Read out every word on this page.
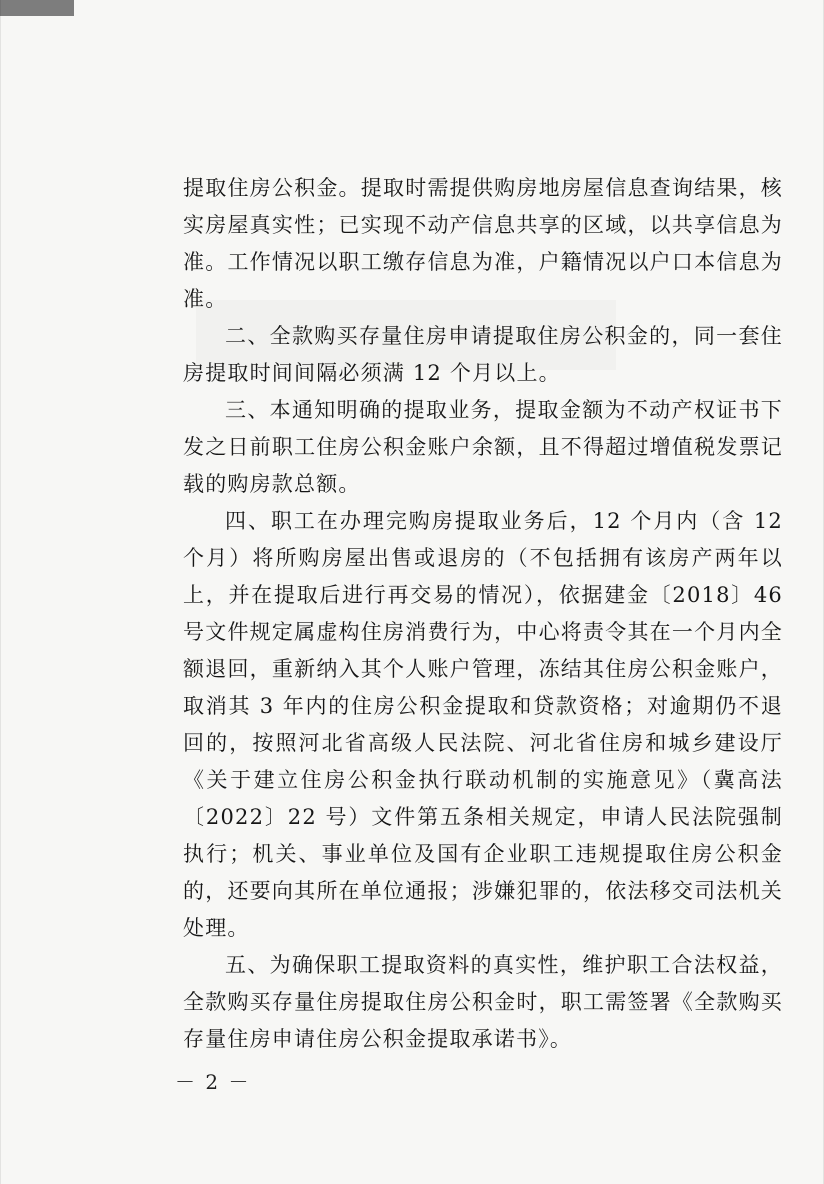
提取住房公积金。提取时需提供购房地房屋信息查询结果，核实房屋真实性；已实现不动产信息共享的区域，以共享信息为准。工作情况以职工缴存信息为准，户籍情况以户口本信息为准。

二、全款购买存量住房申请提取住房公积金的，同一套住房提取时间间隔必须满 12 个月以上。

三、本通知明确的提取业务，提取金额为不动产权证书下发之日前职工住房公积金账户余额，且不得超过增值税发票记载的购房款总额。

四、职工在办理完购房提取业务后，12 个月内（含 12 个月）将所购房屋出售或退房的（不包括拥有该房产两年以上，并在提取后进行再交易的情况），依据建金〔2018〕46 号文件规定属虚构住房消费行为，中心将责令其在一个月内全额退回，重新纳入其个人账户管理，冻结其住房公积金账户，取消其 3 年内的住房公积金提取和贷款资格；对逾期仍不退回的，按照河北省高级人民法院、河北省住房和城乡建设厅《关于建立住房公积金执行联动机制的实施意见》（冀高法〔2022〕22 号）文件第五条相关规定，申请人民法院强制执行；机关、事业单位及国有企业职工违规提取住房公积金的，还要向其所在单位通报；涉嫌犯罪的，依法移交司法机关处理。

五、为确保职工提取资料的真实性，维护职工合法权益，全款购买存量住房提取住房公积金时，职工需签署《全款购买存量住房申请住房公积金提取承诺书》。

－ 2 －
